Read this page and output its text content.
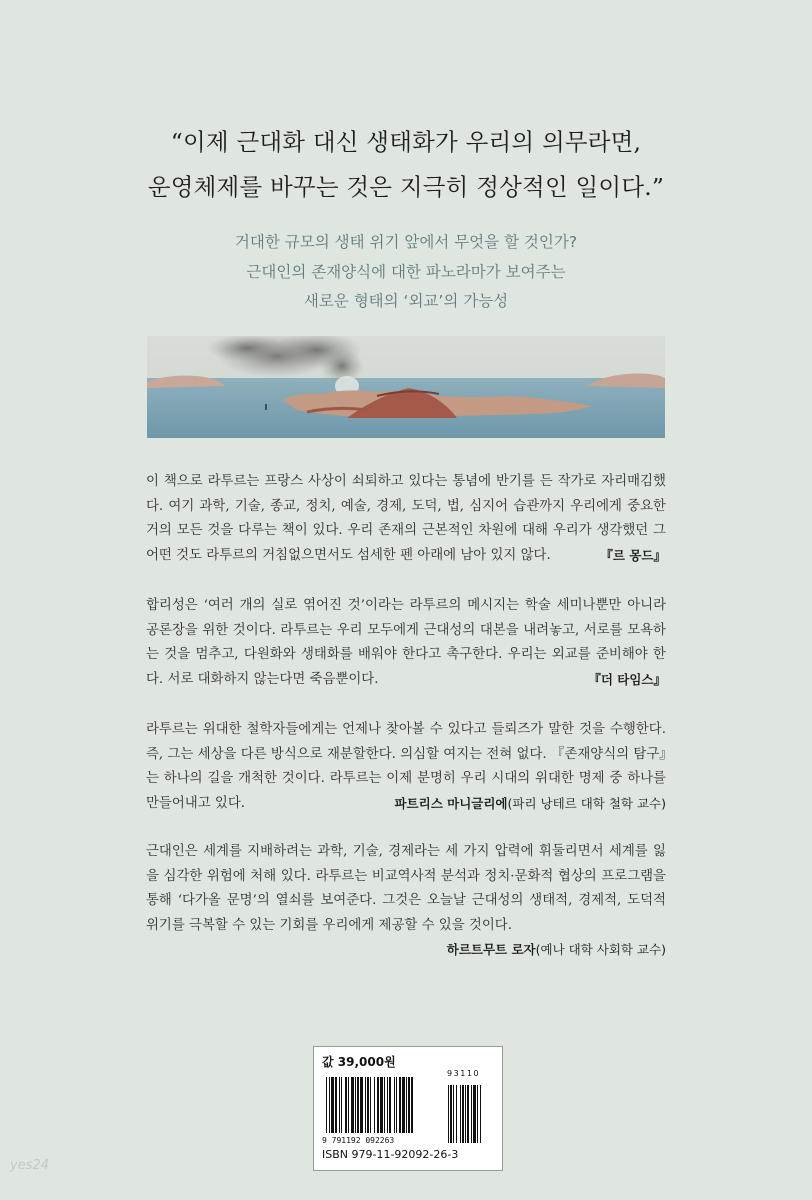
“이제 근대화 대신 생태화가 우리의 의무라면,
운영체제를 바꾸는 것은 지극히 정상적인 일이다.”
거대한 규모의 생태 위기 앞에서 무엇을 할 것인가?
근대인의 존재양식에 대한 파노라마가 보여주는
새로운 형태의 ‘외교’의 가능성

이 책으로 라투르는 프랑스 사상이 쇠퇴하고 있다는 통념에 반기를 든 작가로 자리매김했다. 여기 과학, 기술, 종교, 정치, 예술, 경제, 도덕, 법, 심지어 습관까지 우리에게 중요한 거의 모든 것을 다루는 책이 있다. 우리 존재의 근본적인 차원에 대해 우리가 생각했던 그 어떤 것도 라투르의 거침없으면서도 섬세한 펜 아래에 남아 있지 않다.	『르 몽드』

합리성은 ‘여러 개의 실로 엮어진 것’이라는 라투르의 메시지는 학술 세미나뿐만 아니라 공론장을 위한 것이다. 라투르는 우리 모두에게 근대성의 대본을 내려놓고, 서로를 모욕하는 것을 멈추고, 다원화와 생태화를 배워야 한다고 촉구한다. 우리는 외교를 준비해야 한다. 서로 대화하지 않는다면 죽음뿐이다.	『더 타임스』

라투르는 위대한 철학자들에게는 언제나 찾아볼 수 있다고 들뢰즈가 말한 것을 수행한다. 즉, 그는 세상을 다른 방식으로 재분할한다. 의심할 여지는 전혀 없다. 『존재양식의 탐구』는 하나의 길을 개척한 것이다. 라투르는 이제 분명히 우리 시대의 위대한 명제 중 하나를 만들어내고 있다.	파트리스 마니글리에(파리 낭테르 대학 철학 교수)

근대인은 세계를 지배하려는 과학, 기술, 경제라는 세 가지 압력에 휘둘리면서 세계를 잃을 심각한 위험에 처해 있다. 라투르는 비교역사적 분석과 정치·문화적 협상의 프로그램을 통해 ‘다가올 문명’의 열쇠를 보여준다. 그것은 오늘날 근대성의 생태적, 경제적, 도덕적 위기를 극복할 수 있는 기회를 우리에게 제공할 수 있을 것이다.

하르트무트 로자(예나 대학 사회학 교수)
값 39,000원
93110
9 791192 092263
ISBN 979-11-92092-26-3
yes24
